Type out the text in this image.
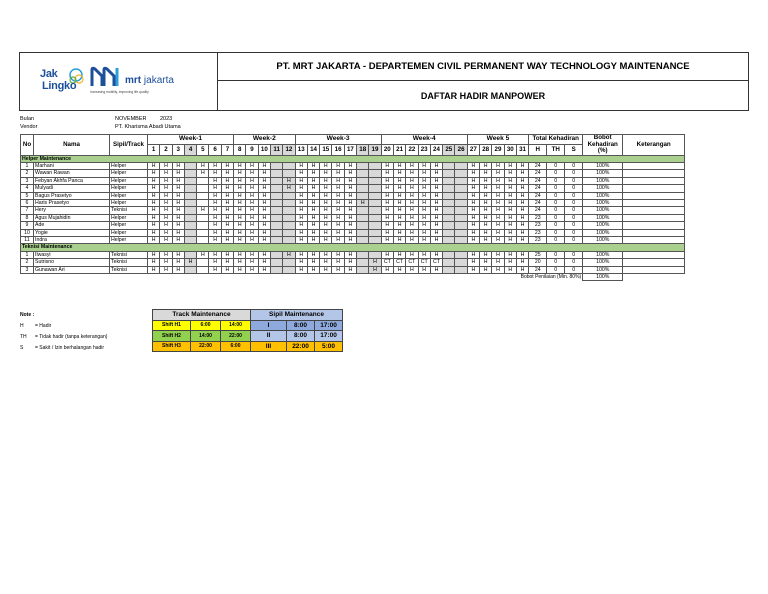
Jak
Lingko	mrt jakarta
Increasing mobility, improving life quality
PT. MRT JAKARTA - DEPARTEMEN CIVIL PERMANENT WAY TECHNOLOGY MAINTENANCE
DAFTAR HADIR MANPOWER
Bulan	NOVEMBER 2023
Vendor	PT. Kharisma Abadi Utama
No	Nama	Sipil/Track	Week-1							Week-2					Week-3							Week-4							Week 5					Total Kehadiran			Bobot Kehadiran (%)	Keterangan
			1	2	3	4	5	6	7	8	9	10	11	12	13	14	15	16	17	18	19	20	21	22	23	24	25	26	27	28	29	30	31	H	TH	S		
Helper Maintenance																																						
1	Marhani	Helper	H	H	H		H	H	H	H	H	H			H	H	H	H	H			H	H	H	H	H			H	H	H	H	H	24	0	0	100%	
2	Wawan Rawan	Helper	H	H	H		H	H	H	H	H	H			H	H	H	H	H			H	H	H	H	H			H	H	H	H	H	24	0	0	100%	
3	Febyan Akhfa Panca	Helper	H	H	H			H	H	H	H	H		H	H	H	H	H	H			H	H	H	H	H			H	H	H	H	H	24	0	0	100%	
4	Mulyadi	Helper	H	H	H			H	H	H	H	H		H	H	H	H	H	H			H	H	H	H	H			H	H	H	H	H	24	0	0	100%	
5	Bagus Prasetyo	Helper	H	H	H			H	H	H	H	H			H	H	H	H	H			H	H	H	H	H			H	H	H	H	H	24	0	0	100%	
6	Haris Prasetyo	Helper	H	H	H			H	H	H	H	H			H	H	H	H	H	H		H	H	H	H	H			H	H	H	H	H	24	0	0	100%	
7	Hery	Teknisi	H	H	H		H	H	H	H	H	H			H	H	H	H	H			H	H	H	H	H			H	H	H	H	H	24	0	0	100%	
8	Agus Mujahidin	Helper	H	H	H			H	H	H	H	H			H	H	H	H	H			H	H	H	H	H			H	H	H	H	H	23	0	0	100%	
9	Ade	Helper	H	H	H			H	H	H	H	H			H	H	H	H	H			H	H	H	H	H			H	H	H	H	H	23	0	0	100%	
10	Yogie	Helper	H	H	H			H	H	H	H	H			H	H	H	H	H			H	H	H	H	H			H	H	H	H	H	23	0	0	100%	
11	Indra	Helper	H	H	H			H	H	H	H	H			H	H	H	H	H			H	H	H	H	H			H	H	H	H	H	23	0	0	100%	
Teknisi Maintenance																																						
1	Ilwasyi	Teknisi	H	H	H		H	H	H	H	H	H		H	H	H	H	H	H			H	H	H	H	H			H	H	H	H	H	25	0	0	100%	
2	Sutrisno	Teknisi	H	H	H	H		H	H	H	H	H			H	H	H	H	H		H	CT	CT	CT	CT	CT			H	H	H	H	H	20	0	0	100%	
3	Gunawan Ari	Teknisi	H	H	H			H	H	H	H	H			H	H	H	H	H		H	H	H	H	H	H			H	H	H	H	H	24	0	0	100%	
Bobot Penilaian (Min. 80%)																																					100%	
Note :
H = Hadir
TH = Tidak hadir (tanpa keterangan)
S = Sakit / Izin berhalangan hadir
Track Maintenance			Sipil Maintenance		
Shift H1	6:00	14:00	I	8:00	17:00
Shift H2	14:00	22:00	II	8:00	17:00
Shift H3	22:00	6:00	III	22:00	5:00
